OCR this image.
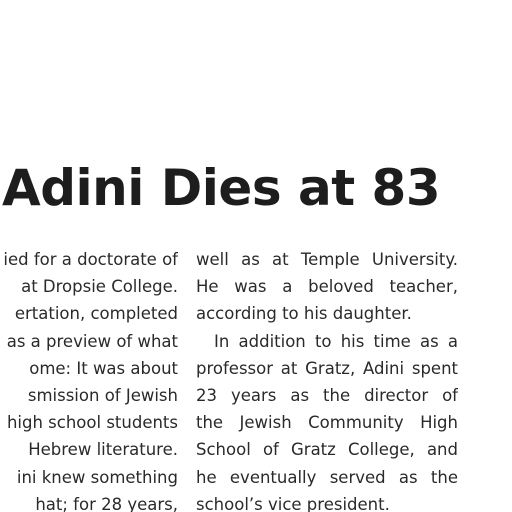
Adini Dies at 83
ied for a doctorate of
at Dropsie College.
ertation, completed
as a preview of what
ome: It was about
smission of Jewish
high school students
Hebrew literature.
ini knew something
hat; for 28 years,
well as at Temple University.
He was a beloved teacher,
according to his daughter.
In addition to his time as a
professor at Gratz, Adini spent
23 years as the director of
the Jewish Community High
School of Gratz College, and
he eventually served as the
school’s vice president.
